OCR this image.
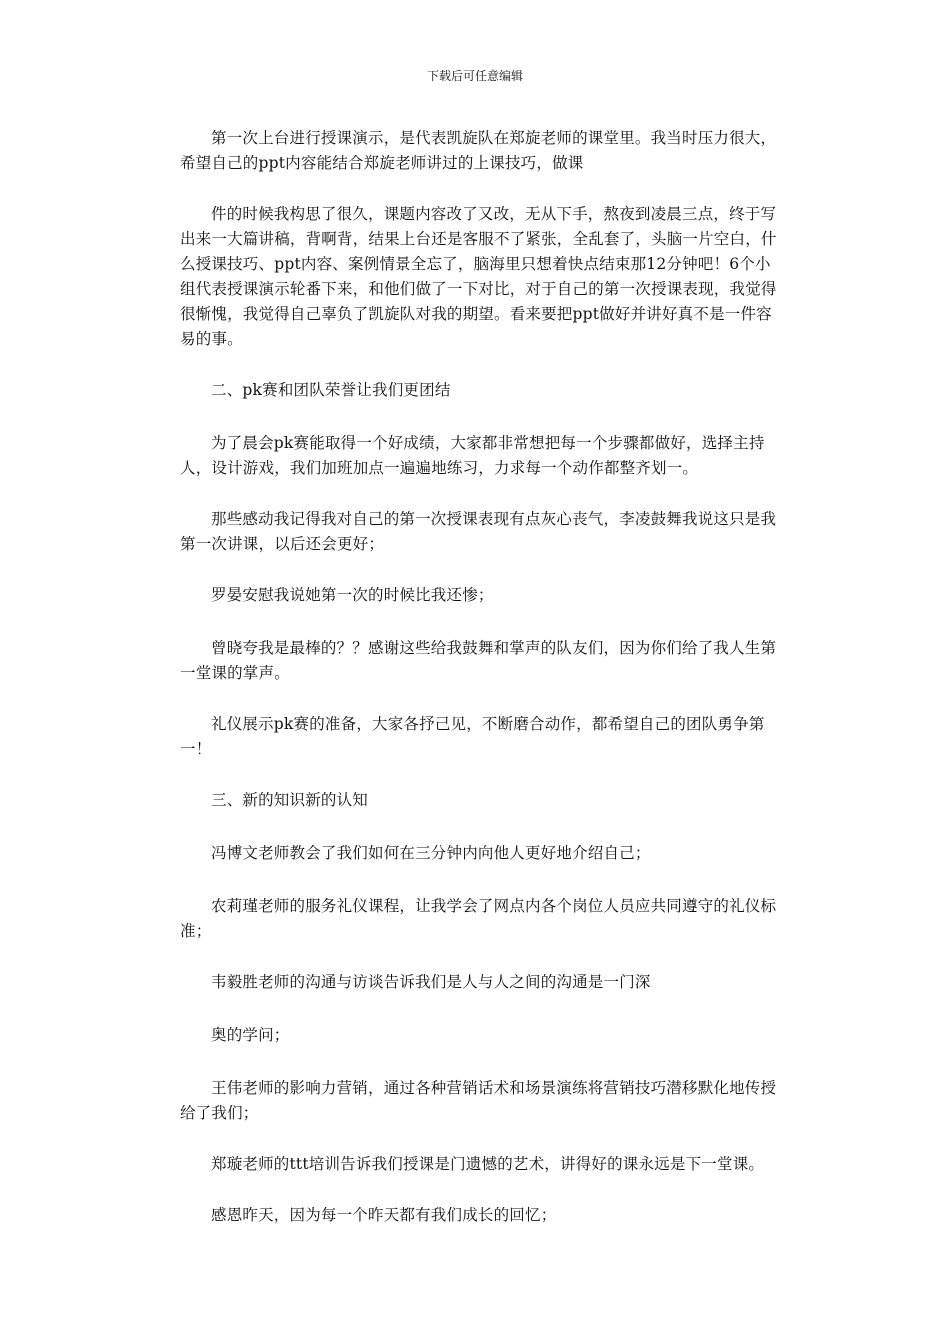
下载后可任意编辑

第一次上台进行授课演示，是代表凯旋队在郑旋老师的课堂里。我当时压力很大，希望自己的ppt内容能结合郑旋老师讲过的上课技巧，做课

件的时候我构思了很久，课题内容改了又改，无从下手，熬夜到凌晨三点，终于写出来一大篇讲稿，背啊背，结果上台还是客服不了紧张，全乱套了，头脑一片空白，什么授课技巧、ppt内容、案例情景全忘了，脑海里只想着快点结束那12分钟吧！6个小组代表授课演示轮番下来，和他们做了一下对比，对于自己的第一次授课表现，我觉得很惭愧，我觉得自己辜负了凯旋队对我的期望。看来要把ppt做好并讲好真不是一件容易的事。

二、pk赛和团队荣誉让我们更团结

为了晨会pk赛能取得一个好成绩，大家都非常想把每一个步骤都做好，选择主持人，设计游戏，我们加班加点一遍遍地练习，力求每一个动作都整齐划一。

那些感动我记得我对自己的第一次授课表现有点灰心丧气，李凌鼓舞我说这只是我第一次讲课，以后还会更好；

罗晏安慰我说她第一次的时候比我还惨；

曾晓夸我是最棒的？？感谢这些给我鼓舞和掌声的队友们，因为你们给了我人生第一堂课的掌声。

礼仪展示pk赛的准备，大家各抒己见，不断磨合动作，都希望自己的团队勇争第一！

三、新的知识新的认知

冯博文老师教会了我们如何在三分钟内向他人更好地介绍自己；

农莉瑾老师的服务礼仪课程，让我学会了网点内各个岗位人员应共同遵守的礼仪标准；

韦毅胜老师的沟通与访谈告诉我们是人与人之间的沟通是一门深

奥的学问；

王伟老师的影响力营销，通过各种营销话术和场景演练将营销技巧潜移默化地传授给了我们；

郑璇老师的ttt培训告诉我们授课是门遗憾的艺术，讲得好的课永远是下一堂课。

感恩昨天，因为每一个昨天都有我们成长的回忆；
